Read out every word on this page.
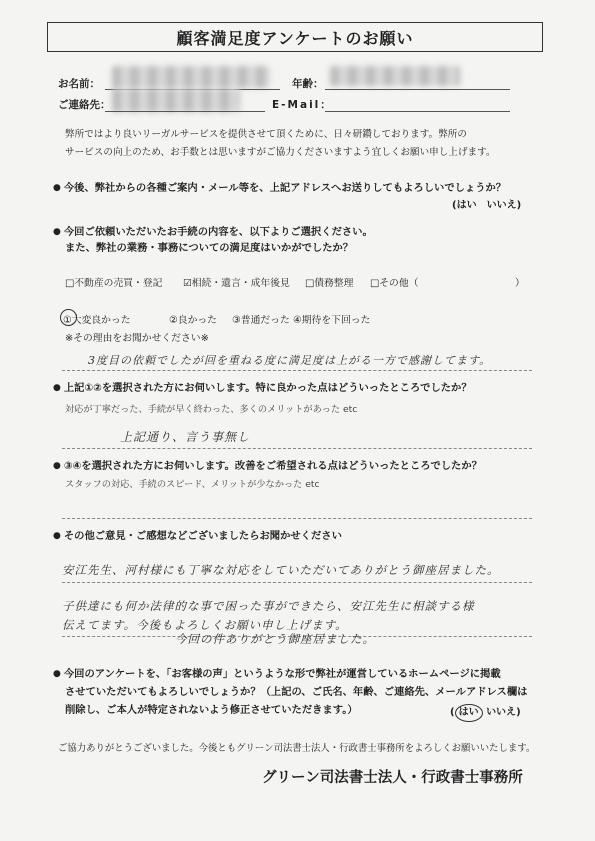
顧客満足度アンケートのお願い
お名前：	年齢：
ご連絡先：	E-Mail：
弊所ではより良いリーガルサービスを提供させて頂くために、日々研鑽しております。弊所の
サービスの向上のため、お手数とは思いますがご協力くださいますよう宜しくお願い申し上げます。
● 今後、弊社からの各種ご案内・メール等を、上記アドレスへお送りしてもよろしいでしょうか？
(はい　いいえ)
● 今回ご依頼いただいたお手続の内容を、以下よりご選択ください。
また、弊社の業務・事務についての満足度はいかがでしたか？
□不動産の売買・登記 ☑相続・遺言・成年後見 □債務整理 □その他（	）
①大変良かった	②良かった ③普通だった ④期待を下回った
※その理由をお聞かせください※
3度目の依頼でしたが回を重ねる度に満足度は上がる一方で感謝してます。
● 上記①②を選択された方にお伺いします。特に良かった点はどういったところでしたか？
対応が丁寧だった、手続が早く終わった、多くのメリットがあった etc
上記通り、言う事無し
● ③④を選択された方にお伺いします。改善をご希望される点はどういったところでしたか？
スタッフの対応、手続のスピード、メリットが少なかった etc
● その他ご意見・ご感想などございましたらお聞かせください
安江先生、河村様にも丁寧な対応をしていただいてありがとう御座居ました。
子供達にも何か法律的な事で困った事ができたら、安江先生に相談する様
伝えてます。今後もよろしくお願い申し上げます。
今回の件ありがとう御座居ました。
● 今回のアンケートを、「お客様の声」というような形で弊社が運営しているホームページに掲載
させていただいてもよろしいでしょうか？（上記の、ご氏名、年齢、ご連絡先、メールアドレス欄は
削除し、ご本人が特定されないよう修正させていただきます。）	( はい いいえ)
ご協力ありがとうございました。今後ともグリーン司法書士法人・行政書士事務所をよろしくお願いいたします。
グリーン司法書士法人・行政書士事務所
